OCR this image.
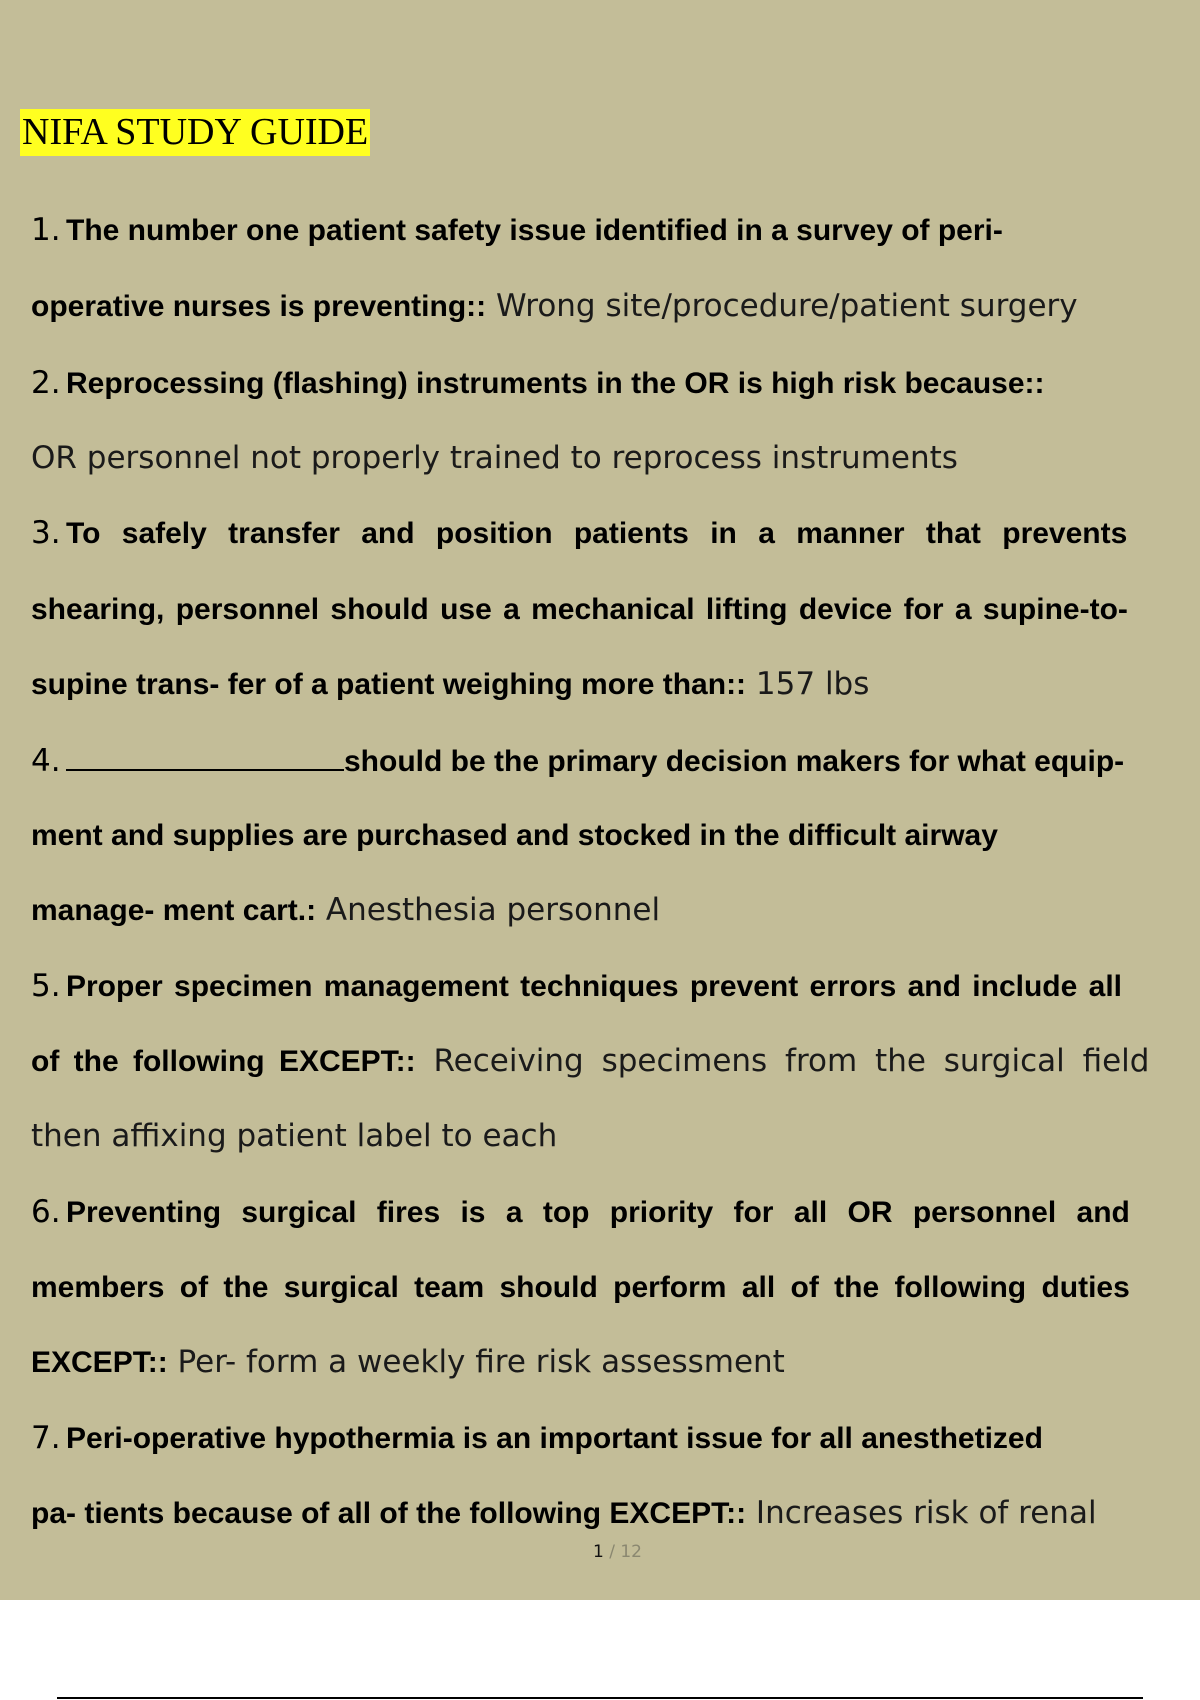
NIFA STUDY GUIDE
1. The number one patient safety issue identified in a survey of peri-
operative nurses is preventing:: Wrong site/procedure/patient surgery
2. Reprocessing (flashing) instruments in the OR is high risk because::
OR personnel not properly trained to reprocess instruments
3. To safely transfer and position patients in a manner that prevents
shearing, personnel should use a mechanical lifting device for a supine-to-
supine trans- fer of a patient weighing more than:: 157 lbs
4.	should be the primary decision makers for what equip-
ment and supplies are purchased and stocked in the difficult airway
manage- ment cart.: Anesthesia personnel
5. Proper specimen management techniques prevent errors and include all
of the following EXCEPT:: Receiving specimens from the surgical field
then affixing patient label to each
6. Preventing surgical fires is a top priority for all OR personnel and
members of the surgical team should perform all of the following duties
EXCEPT:: Per- form a weekly fire risk assessment
7. Peri-operative hypothermia is an important issue for all anesthetized
pa- tients because of all of the following EXCEPT:: Increases risk of renal
1 / 12
